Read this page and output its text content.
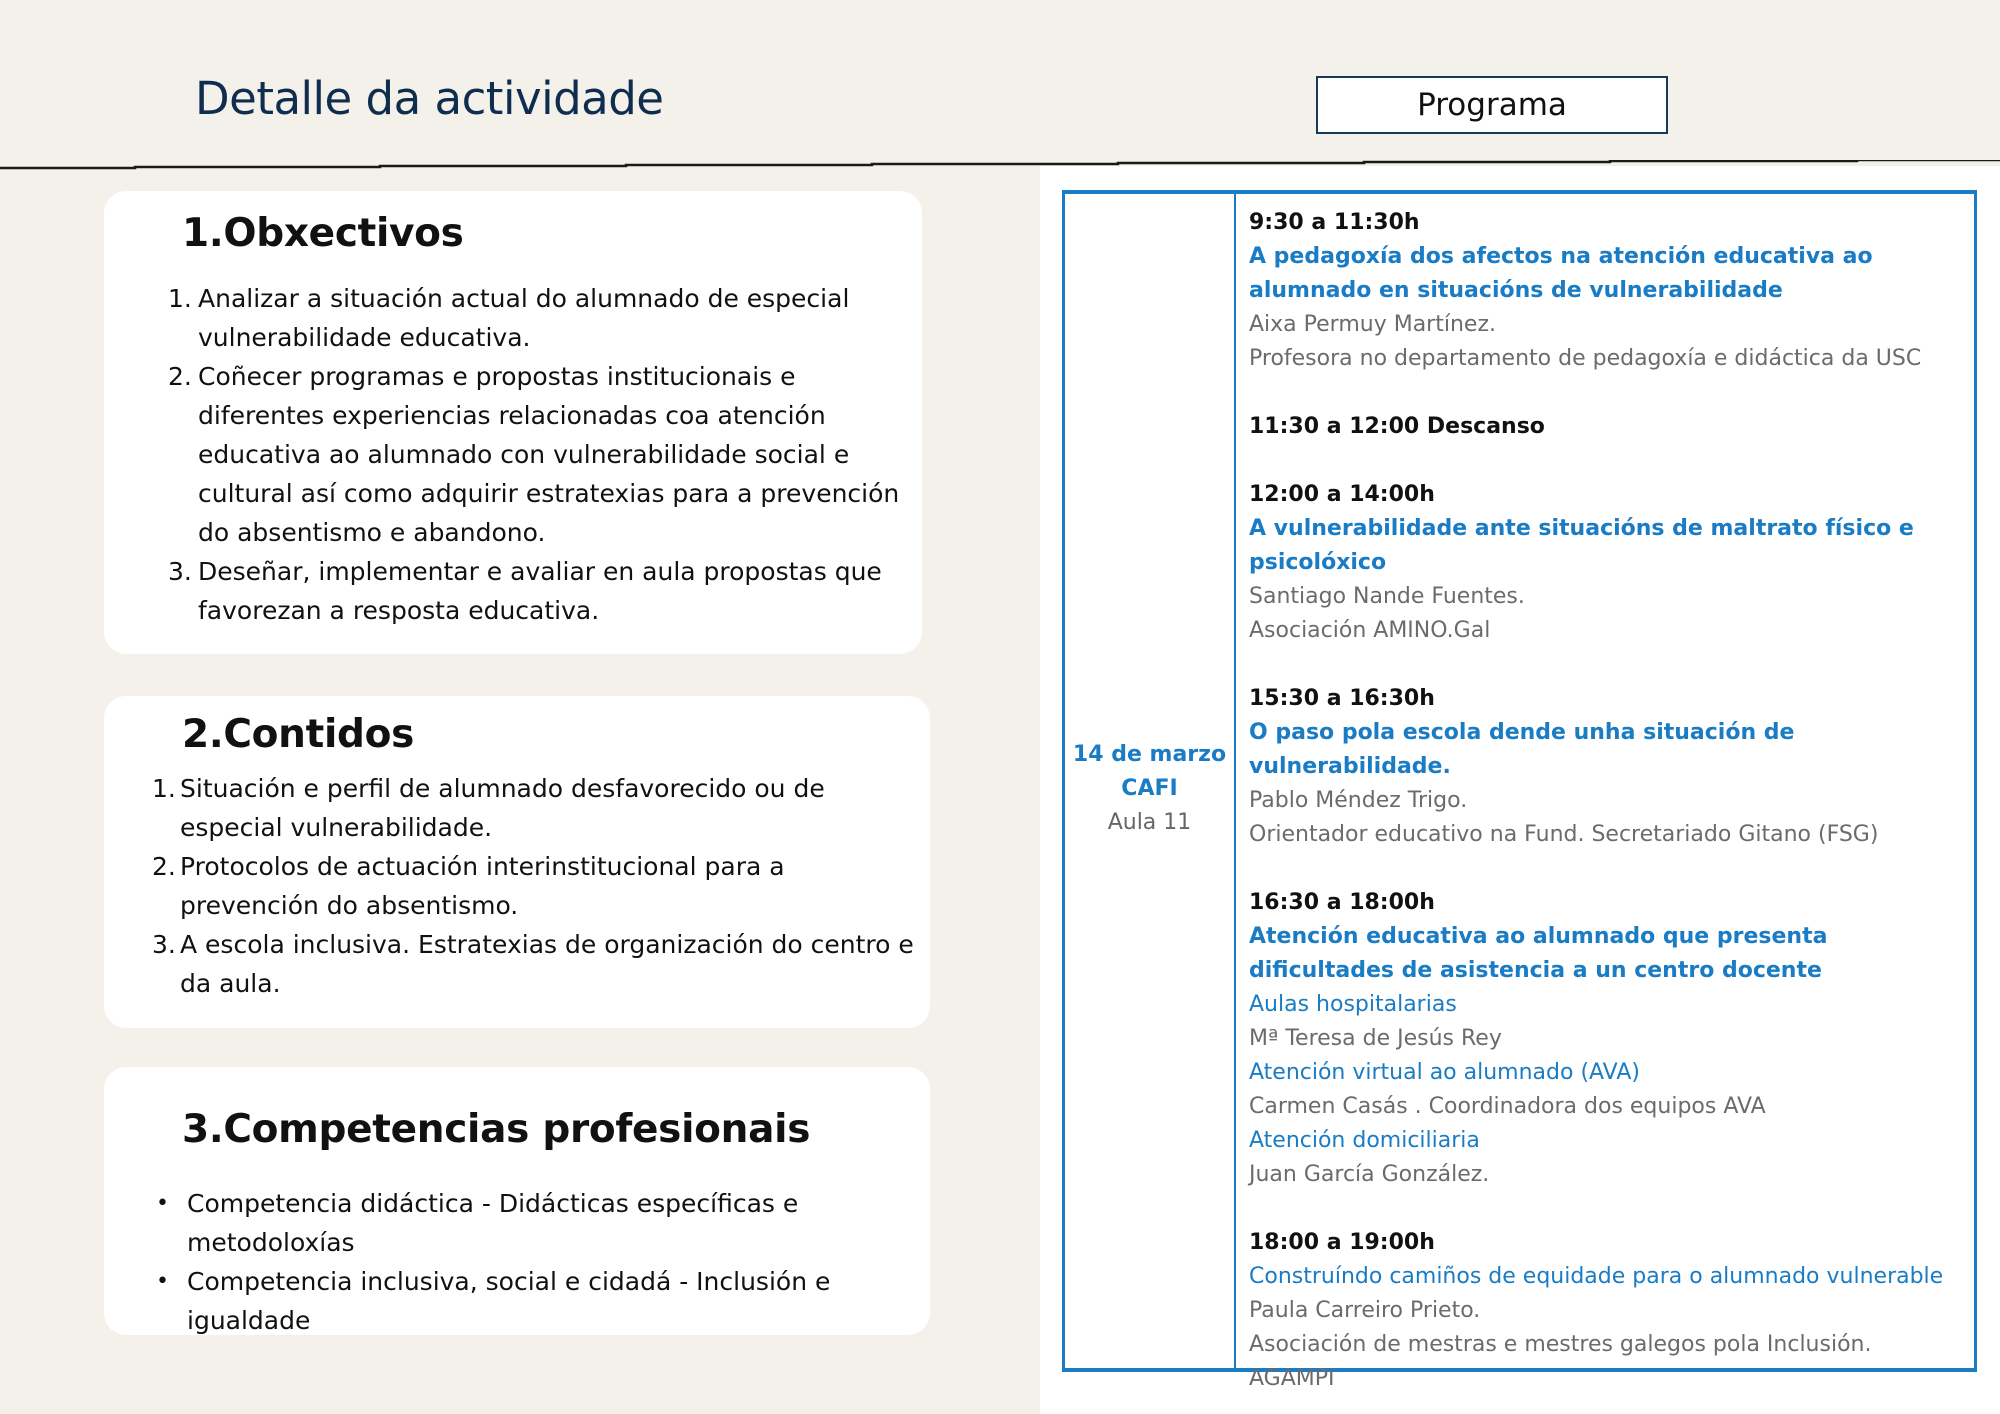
Detalle da actividade	Programa
1.Obxectivos
1. Analizar a situación actual do alumnado de especial vulnerabilidade educativa.
2. Coñecer programas e propostas institucionais e diferentes experiencias relacionadas coa atención educativa ao alumnado con vulnerabilidade social e cultural así como adquirir estratexias para a prevención do absentismo e abandono.
3. Deseñar, implementar e avaliar en aula propostas que favorezan a resposta educativa.
2.Contidos
1. Situación e perfil de alumnado desfavorecido ou de especial vulnerabilidade.
2. Protocolos de actuación interinstitucional para a prevención do absentismo.
3. A escola inclusiva. Estratexias de organización do centro e da aula.
3.Competencias profesionais
• Competencia didáctica - Didácticas específicas e metodoloxías
• Competencia inclusiva, social e cidadá - Inclusión e igualdade
14 de marzo
CAFI
Aula 11
9:30 a 11:30h
A pedagoxía dos afectos na atención educativa ao alumnado en situacións de vulnerabilidade
Aixa Permuy Martínez.
Profesora no departamento de pedagoxía e didáctica da USC
11:30 a 12:00 Descanso
12:00 a 14:00h
A vulnerabilidade ante situacións de maltrato físico e psicolóxico
Santiago Nande Fuentes.
Asociación AMINO.Gal
15:30 a 16:30h
O paso pola escola dende unha situación de vulnerabilidade.
Pablo Méndez Trigo.
Orientador educativo na Fund. Secretariado Gitano (FSG)
16:30 a 18:00h
Atención educativa ao alumnado que presenta dificultades de asistencia a un centro docente
Aulas hospitalarias
Mª Teresa de Jesús Rey
Atención virtual ao alumnado (AVA)
Carmen Casás . Coordinadora dos equipos AVA
Atención domiciliaria
Juan García González.
18:00 a 19:00h
Construíndo camiños de equidade para o alumnado vulnerable
Paula Carreiro Prieto.
Asociación de mestras e mestres galegos pola Inclusión.
AGAMPI
